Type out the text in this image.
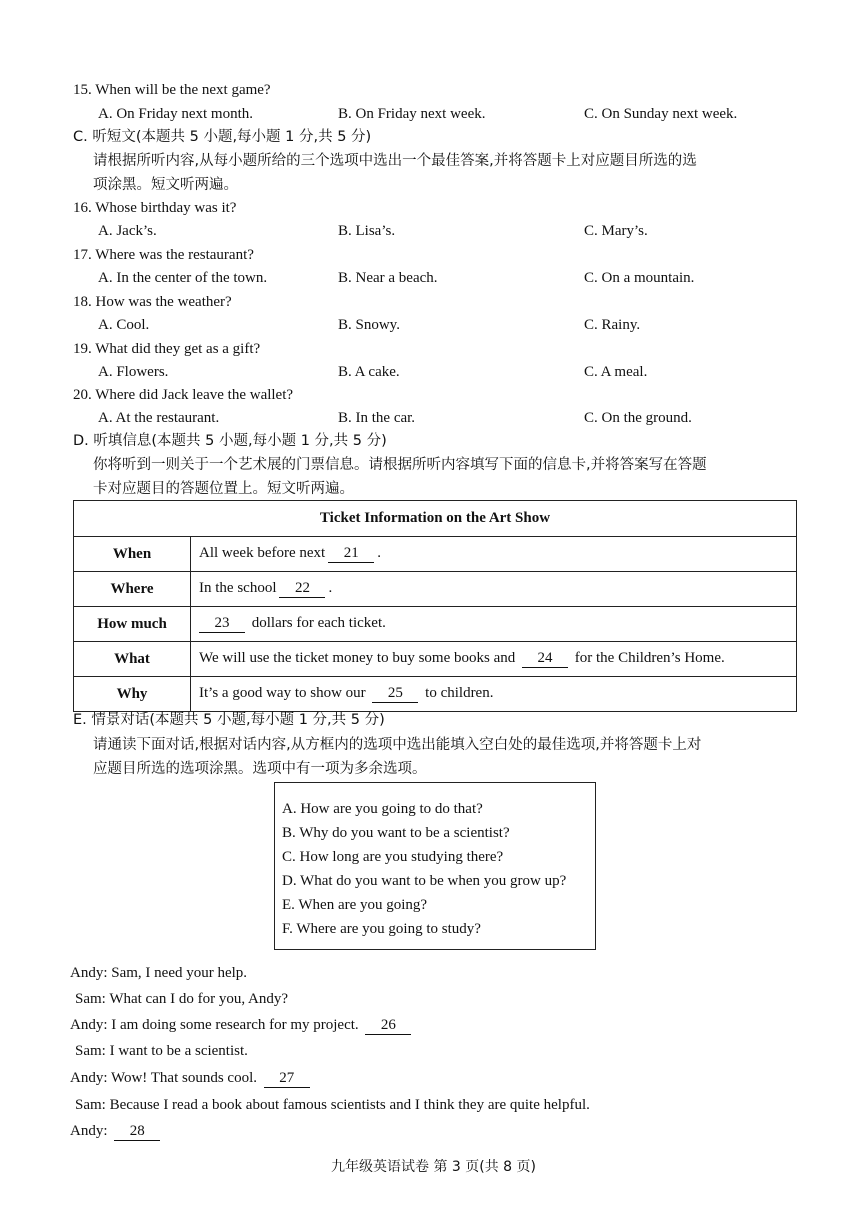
15. When will be the next game?
A. On Friday next month.	B. On Friday next week.	C. On Sunday next week.
C. 听短文(本题共 5 小题,每小题 1 分,共 5 分)
请根据所听内容,从每小题所给的三个选项中选出一个最佳答案,并将答题卡上对应题目所选的选
项涂黑。短文听两遍。
16. Whose birthday was it?
A. Jack’s.	B. Lisa’s.	C. Mary’s.
17. Where was the restaurant?
A. In the center of the town.	B. Near a beach.	C. On a mountain.
18. How was the weather?
A. Cool.	B. Snowy.	C. Rainy.
19. What did they get as a gift?
A. Flowers.	B. A cake.	C. A meal.
20. Where did Jack leave the wallet?
A. At the restaurant.	B. In the car.	C. On the ground.
D. 听填信息(本题共 5 小题,每小题 1 分,共 5 分)
你将听到一则关于一个艺术展的门票信息。请根据所听内容填写下面的信息卡,并将答案写在答题
卡对应题目的答题位置上。短文听两遍。
Ticket Information on the Art Show	
When	All week before next 21 .
Where	In the school 22 .
How much	23 dollars for each ticket.
What	We will use the ticket money to buy some books and 24 for the Children’s Home.
Why	It’s a good way to show our 25 to children.
E. 情景对话(本题共 5 小题,每小题 1 分,共 5 分)
请通读下面对话,根据对话内容,从方框内的选项中选出能填入空白处的最佳选项,并将答题卡上对
应题目所选的选项涂黑。选项中有一项为多余选项。
A. How are you going to do that?
B. Why do you want to be a scientist?
C. How long are you studying there?
D. What do you want to be when you grow up?
E. When are you going?
F. Where are you going to study?
Andy: Sam, I need your help.
Sam: What can I do for you, Andy?
Andy: I am doing some research for my project. 26
Sam: I want to be a scientist.
Andy: Wow! That sounds cool. 27
Sam: Because I read a book about famous scientists and I think they are quite helpful.
Andy: 28
九年级英语试卷 第 3 页(共 8 页)
